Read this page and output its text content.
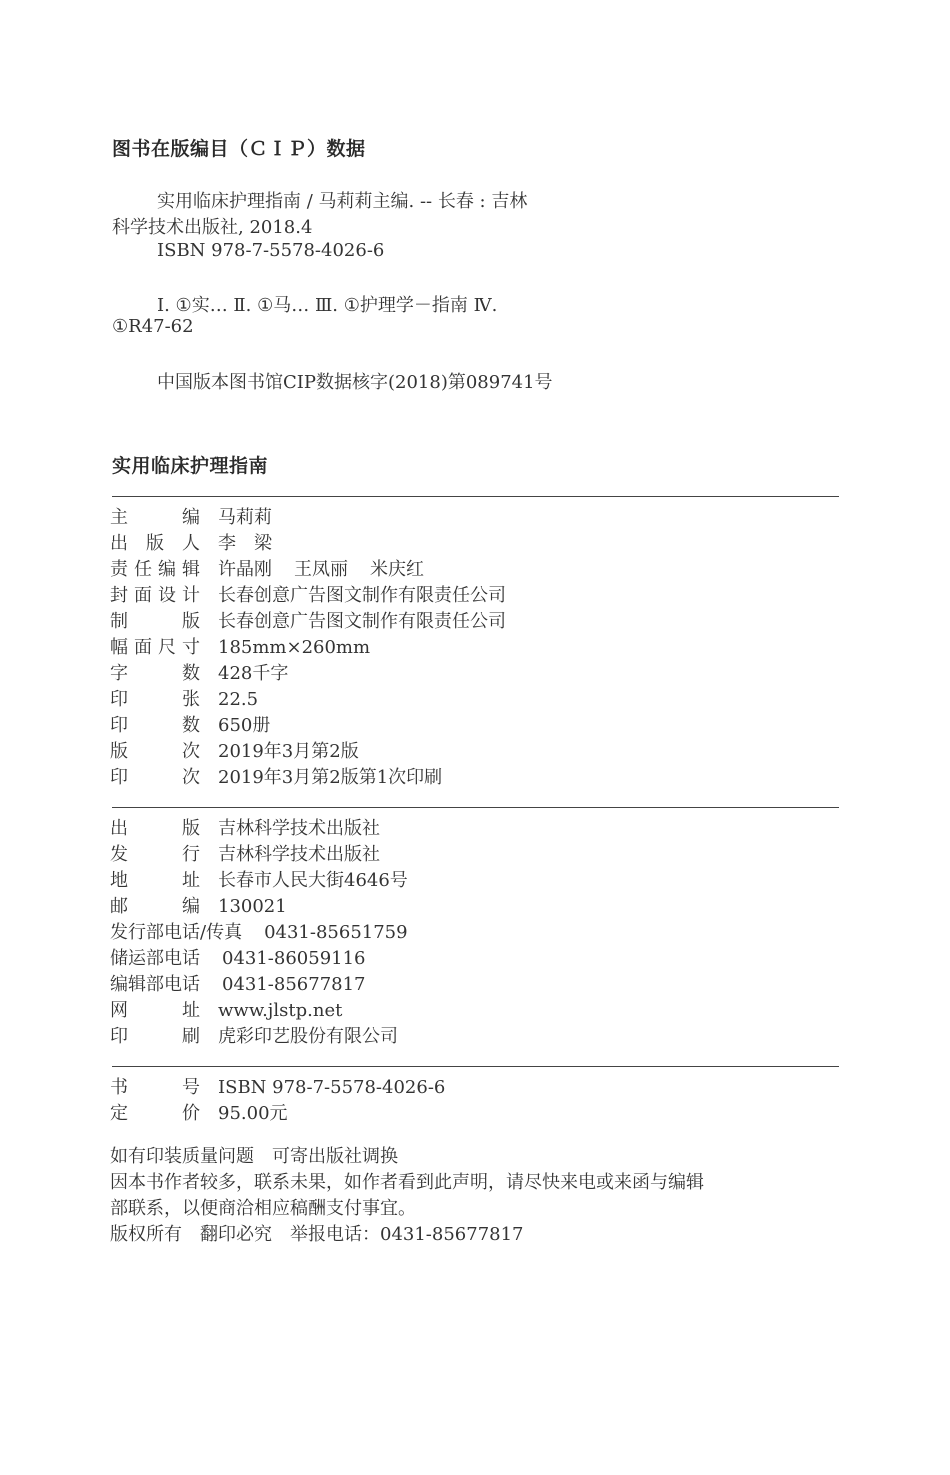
图书在版编目（ＣＩＰ）数据
实用临床护理指南 / 马莉莉主编. -- 长春 : 吉林
科学技术出版社, 2018.4
ISBN 978-7-5578-4026-6
Ⅰ. ①实… Ⅱ. ①马… Ⅲ. ①护理学－指南 Ⅳ.
①R47-62
中国版本图书馆CIP数据核字(2018)第089741号
实用临床护理指南
主编 马莉莉
出版人 李　梁
责任编辑 许晶刚 王凤丽 米庆红
封面设计 长春创意广告图文制作有限责任公司
制版 长春创意广告图文制作有限责任公司
幅面尺寸 185mm×260mm
字数 428千字
印张 22.5
印数 650册
版次 2019年3月第2版
印次 2019年3月第2版第1次印刷
出版 吉林科学技术出版社
发行 吉林科学技术出版社
地址 长春市人民大街4646号
邮编 130021
发行部电话/传真 0431-85651759
储运部电话 0431-86059116
编辑部电话 0431-85677817
网址 www.jlstp.net
印刷 虎彩印艺股份有限公司
书号 ISBN 978-7-5578-4026-6
定价 95.00元
如有印装质量问题　可寄出版社调换
因本书作者较多，联系未果，如作者看到此声明，请尽快来电或来函与编辑
部联系，以便商洽相应稿酬支付事宜。
版权所有　翻印必究　举报电话：0431-85677817
